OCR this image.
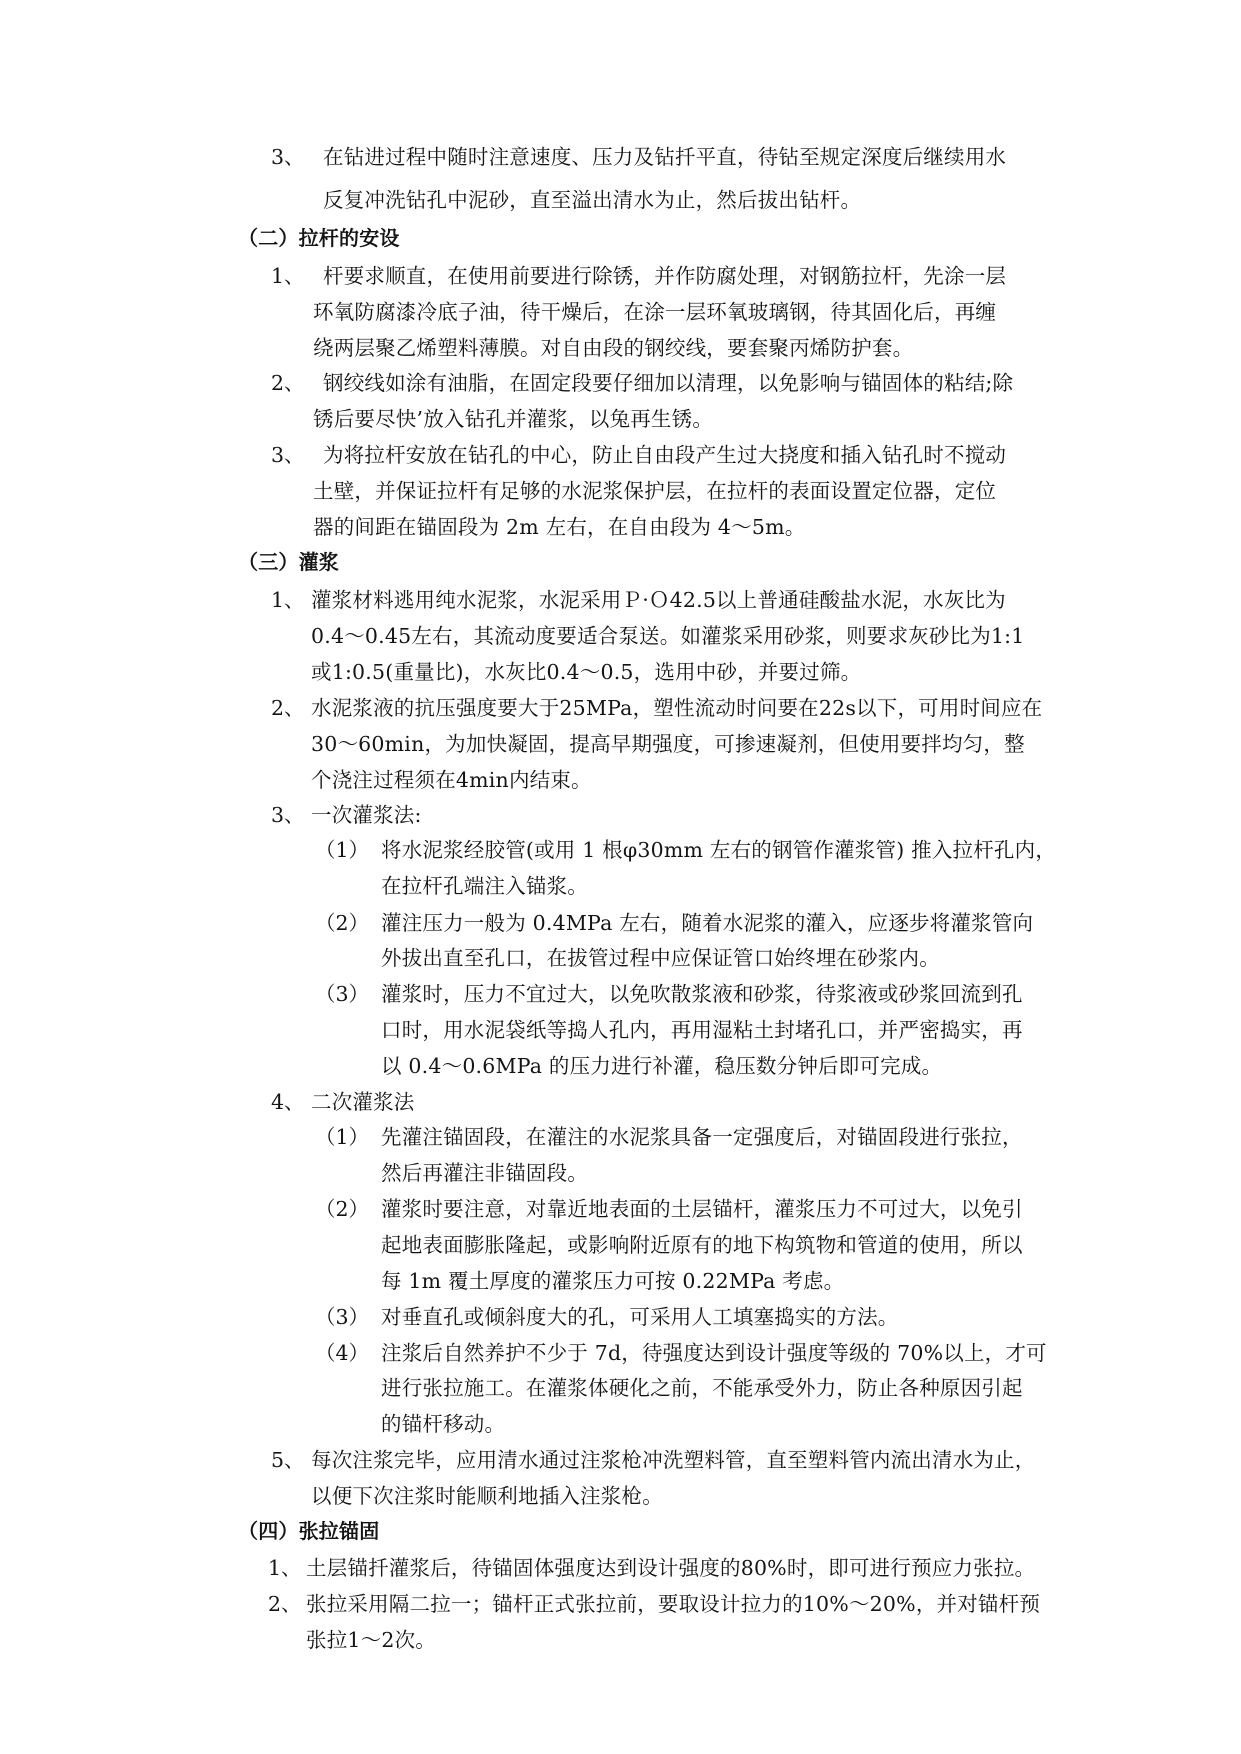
3、 在钻进过程中随时注意速度、压力及钻扦平直，待钻至规定深度后继续用水
反复冲洗钻孔中泥砂，直至溢出清水为止，然后拔出钻杆。
（二）拉杆的安设
1、 杆要求顺直，在使用前要进行除锈，并作防腐处理，对钢筋拉杆，先涂一层
环氧防腐漆冷底子油，待干燥后，在涂一层环氧玻璃钢，待其固化后，再缠
绕两层聚乙烯塑料薄膜。对自由段的钢绞线，要套聚丙烯防护套。
2、 钢绞线如涂有油脂，在固定段要仔细加以清理，以免影响与锚固体的粘结;除
锈后要尽快’放入钻孔并灌浆，以兔再生锈。
3、 为将拉杆安放在钻孔的中心，防止自由段产生过大挠度和插入钻孔时不搅动
土壁，并保证拉杆有足够的水泥浆保护层，在拉杆的表面设置定位器，定位
器的间距在锚固段为 2m 左右，在自由段为 4～5m。
（三）灌浆
1、 灌浆材料逃用纯水泥浆，水泥采用Ｐ·Ｏ42.5以上普通硅酸盐水泥，水灰比为
0.4～0.45左右，其流动度要适合泵送。如灌浆采用砂浆，则要求灰砂比为1:1
或1:0.5(重量比)，水灰比0.4～0.5，选用中砂，并要过筛。
2、 水泥浆液的抗压强度要大于25MPa，塑性流动时问要在22s以下，可用时间应在
30～60min，为加快凝固，提高早期强度，可掺速凝剂，但使用要拌均匀，整
个浇注过程须在4min内结束。
3、 一次灌浆法:
（1） 将水泥浆经胶管(或用 1 根φ30mm 左右的钢管作灌浆管) 推入拉杆孔内，
在拉杆孔端注入锚浆。
（2） 灌注压力一般为 0.4MPa 左右，随着水泥浆的灌入，应逐步将灌浆管向
外拔出直至孔口，在拔管过程中应保证管口始终埋在砂浆内。
（3） 灌浆时，压力不宜过大，以免吹散浆液和砂浆，待浆液或砂浆回流到孔
口时，用水泥袋纸等捣人孔内，再用湿粘土封堵孔口，并严密捣实，再
以 0.4～0.6MPa 的压力进行补灌，稳压数分钟后即可完成。
4、 二次灌浆法
（1） 先灌注锚固段，在灌注的水泥浆具备一定强度后，对锚固段进行张拉，
然后再灌注非锚固段。
（2） 灌浆时要注意，对靠近地表面的土层锚杆，灌浆压力不可过大，以免引
起地表面膨胀隆起，或影响附近原有的地下构筑物和管道的使用，所以
每 1m 覆土厚度的灌浆压力可按 0.22MPa 考虑。
（3） 对垂直孔或倾斜度大的孔，可采用人工填塞捣实的方法。
（4） 注浆后自然养护不少于 7d，待强度达到设计强度等级的 70%以上，才可
进行张拉施工。在灌浆体硬化之前，不能承受外力，防止各种原因引起
的锚杆移动。
5、 每次注浆完毕，应用清水通过注浆枪冲洗塑料管，直至塑料管内流出清水为止，
以便下次注浆时能顺利地插入注浆枪。
（四）张拉锚固
1、 土层锚扦灌浆后，待锚固体强度达到设计强度的80%时，即可进行预应力张拉。
2、 张拉采用隔二拉一；锚杆正式张拉前，要取设计拉力的10%～20%，并对锚杆预
张拉1～2次。
